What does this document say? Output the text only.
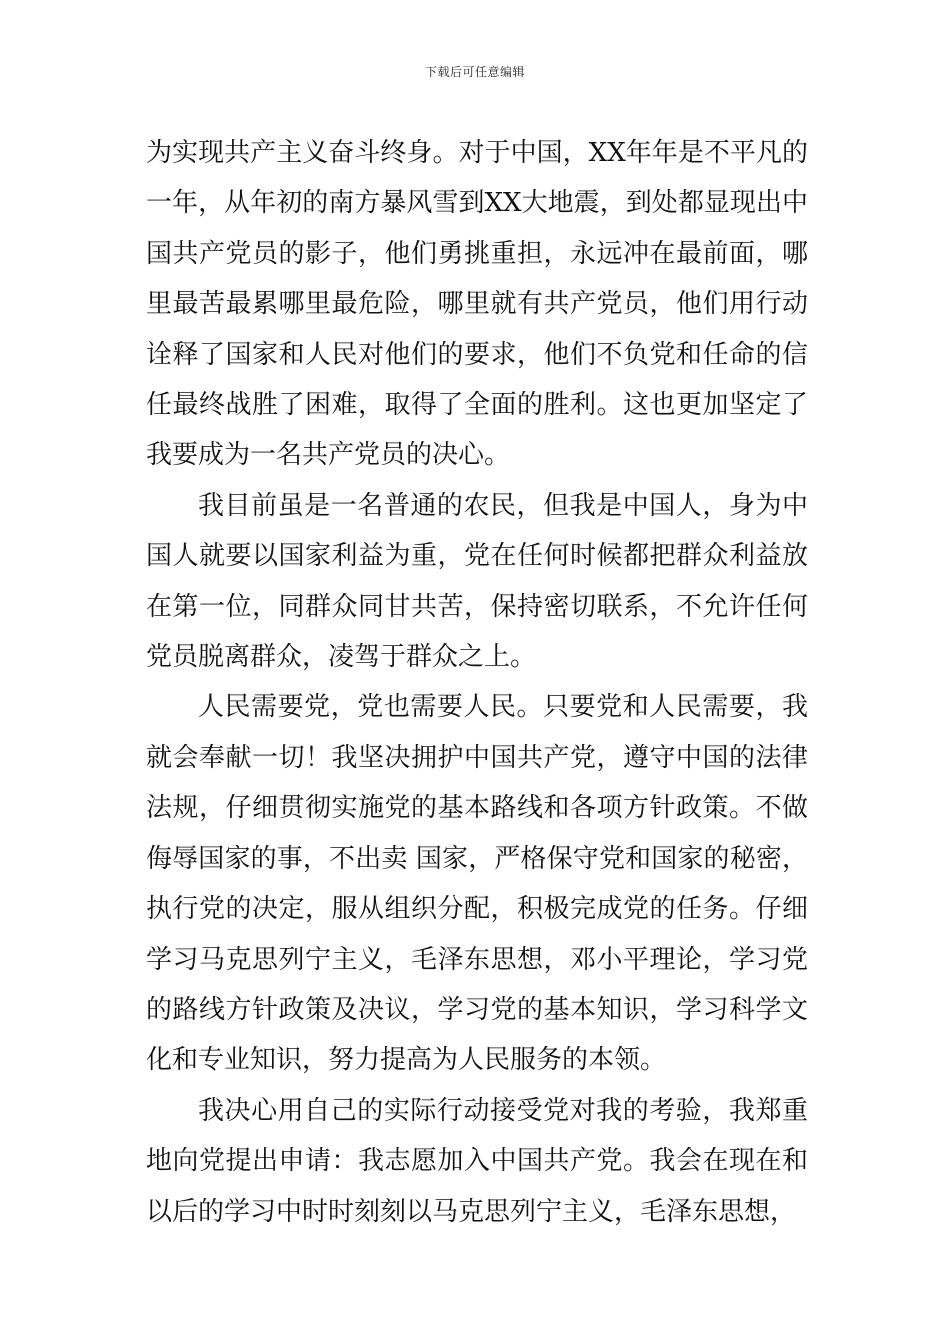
下载后可任意编辑

为实现共产主义奋斗终身。对于中国，XX年年是不平凡的一年，从年初的南方暴风雪到XX大地震，到处都显现出中国共产党员的影子，他们勇挑重担，永远冲在最前面，哪里最苦最累哪里最危险，哪里就有共产党员，他们用行动诠释了国家和人民对他们的要求，他们不负党和任命的信任最终战胜了困难，取得了全面的胜利。这也更加坚定了我要成为一名共产党员的决心。

我目前虽是一名普通的农民，但我是中国人，身为中国人就要以国家利益为重，党在任何时候都把群众利益放在第一位，同群众同甘共苦，保持密切联系，不允许任何党员脱离群众，凌驾于群众之上。

人民需要党，党也需要人民。只要党和人民需要，我就会奉献一切！我坚决拥护中国共产党，遵守中国的法律法规，仔细贯彻实施党的基本路线和各项方针政策。不做侮辱国家的事，不出卖 国家，严格保守党和国家的秘密，执行党的决定，服从组织分配，积极完成党的任务。仔细学习马克思列宁主义，毛泽东思想，邓小平理论，学习党的路线方针政策及决议，学习党的基本知识，学习科学文化和专业知识，努力提高为人民服务的本领。

我决心用自己的实际行动接受党对我的考验，我郑重地向党提出申请：我志愿加入中国共产党。我会在现在和以后的学习中时时刻刻以马克思列宁主义，毛泽东思想，
